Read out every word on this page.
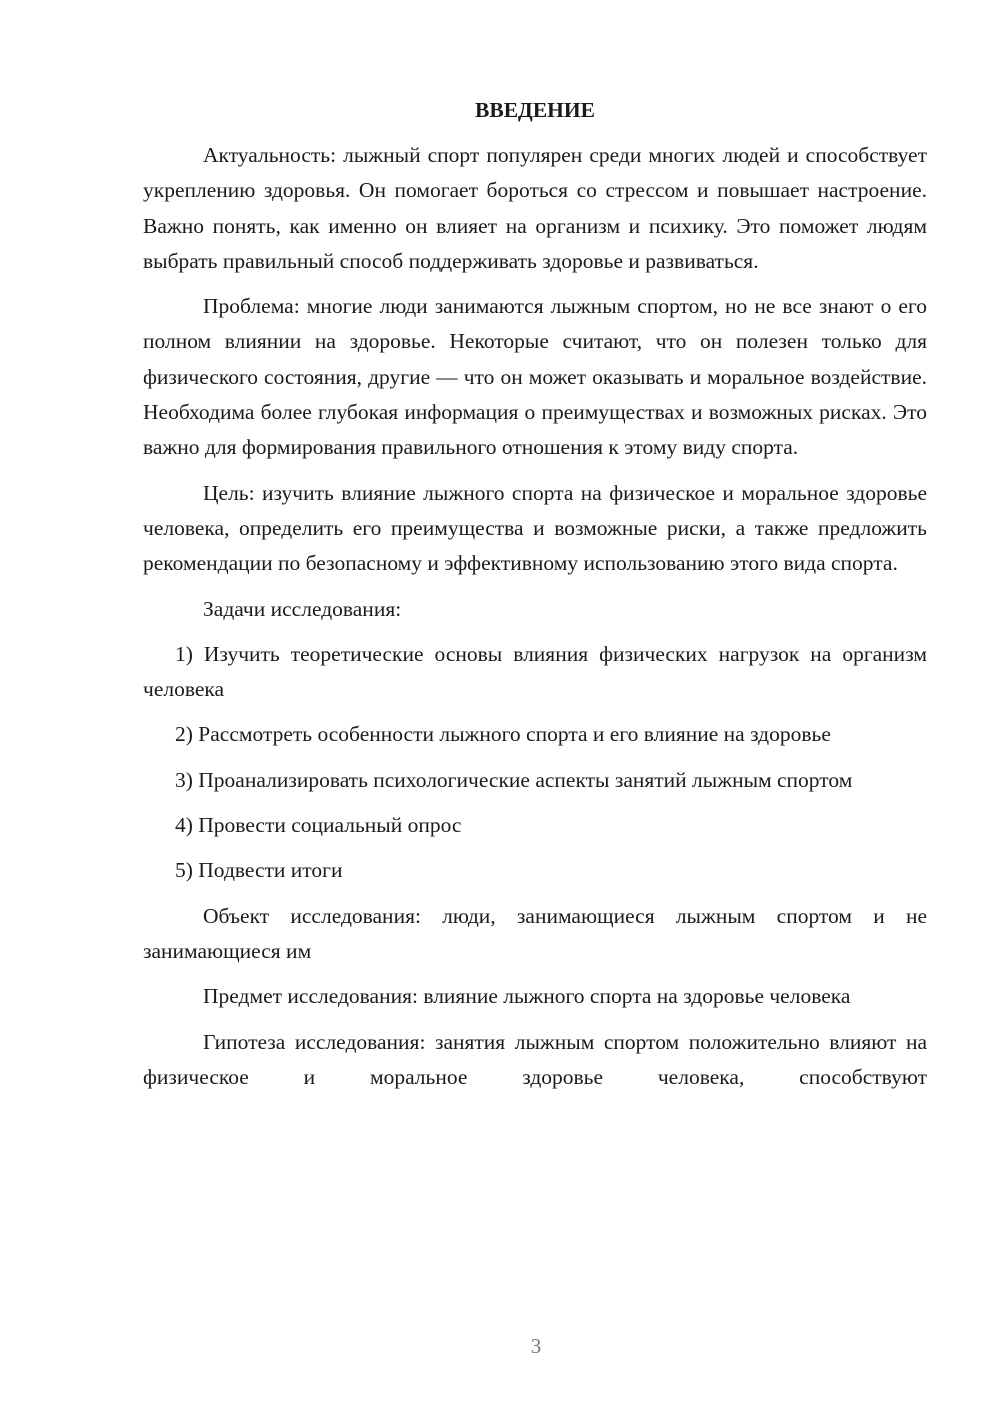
ВВЕДЕНИЕ

Актуальность: лыжный спорт популярен среди многих людей и способствует укреплению здоровья. Он помогает бороться со стрессом и повышает настроение. Важно понять, как именно он влияет на организм и психику. Это поможет людям выбрать правильный способ поддерживать здоровье и развиваться.

Проблема: многие люди занимаются лыжным спортом, но не все знают о его полном влиянии на здоровье. Некоторые считают, что он полезен только для физического состояния, другие — что он может оказывать и моральное воздействие. Необходима более глубокая информация о преимуществах и возможных рисках. Это важно для формирования правильного отношения к этому виду спорта.

Цель: изучить влияние лыжного спорта на физическое и моральное здоровье человека, определить его преимущества и возможные риски, а также предложить рекомендации по безопасному и эффективному использованию этого вида спорта.

Задачи исследования:

1) Изучить теоретические основы влияния физических нагрузок на организм человека

2) Рассмотреть особенности лыжного спорта и его влияние на здоровье

3) Проанализировать психологические аспекты занятий лыжным спортом

4) Провести социальный опрос

5) Подвести итоги

Объект исследования: люди, занимающиеся лыжным спортом и не занимающиеся им

Предмет исследования: влияние лыжного спорта на здоровье человека

Гипотеза исследования: занятия лыжным спортом положительно влияют на физическое и моральное здоровье человека, способствуют

3
